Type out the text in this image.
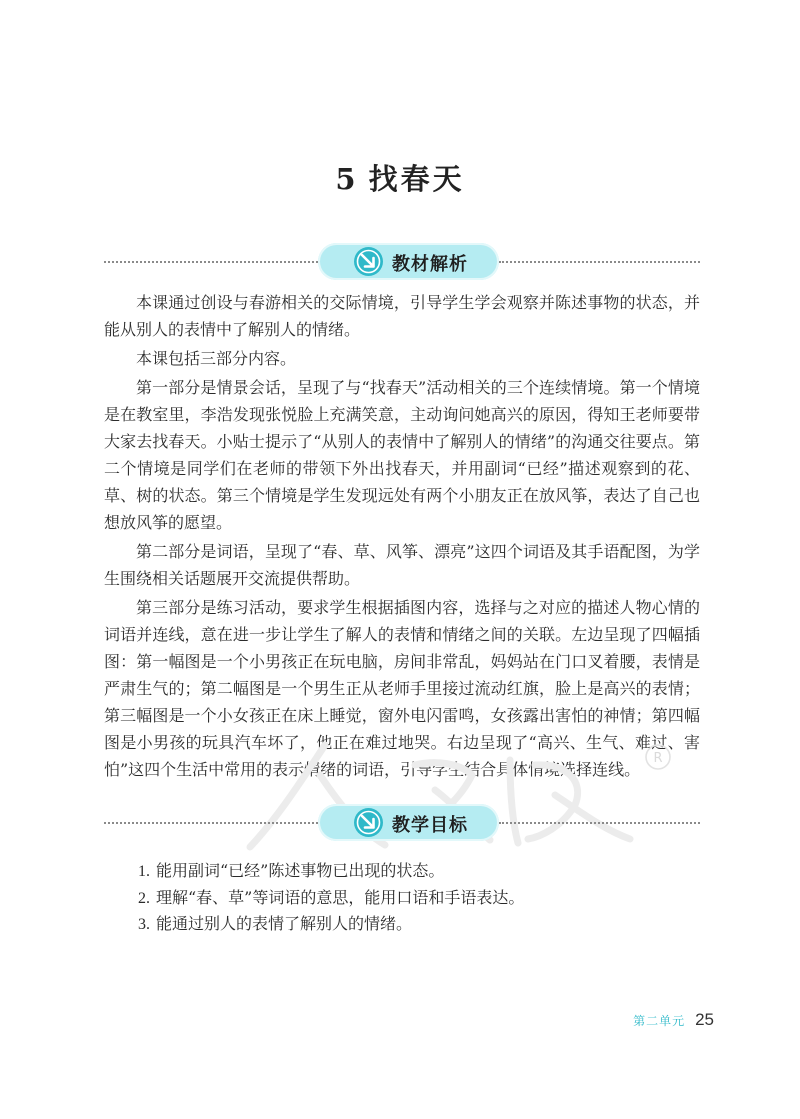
5 找春天
教材解析

本课通过创设与春游相关的交际情境，引导学生学会观察并陈述事物的状态，并能从别人的表情中了解别人的情绪。

本课包括三部分内容。

第一部分是情景会话，呈现了与“找春天”活动相关的三个连续情境。第一个情境是在教室里，李浩发现张悦脸上充满笑意，主动询问她高兴的原因，得知王老师要带大家去找春天。小贴士提示了“从别人的表情中了解别人的情绪”的沟通交往要点。第二个情境是同学们在老师的带领下外出找春天，并用副词“已经”描述观察到的花、草、树的状态。第三个情境是学生发现远处有两个小朋友正在放风筝，表达了自己也想放风筝的愿望。

第二部分是词语，呈现了“春、草、风筝、漂亮”这四个词语及其手语配图，为学生围绕相关话题展开交流提供帮助。

第三部分是练习活动，要求学生根据插图内容，选择与之对应的描述人物心情的词语并连线，意在进一步让学生了解人的表情和情绪之间的关联。左边呈现了四幅插图：第一幅图是一个小男孩正在玩电脑，房间非常乱，妈妈站在门口叉着腰，表情是严肃生气的；第二幅图是一个男生正从老师手里接过流动红旗，脸上是高兴的表情；第三幅图是一个小女孩正在床上睡觉，窗外电闪雷鸣，女孩露出害怕的神情；第四幅图是小男孩的玩具汽车坏了，他正在难过地哭。右边呈现了“高兴、生气、难过、害怕”这四个生活中常用的表示情绪的词语，引导学生结合具体情境选择连线。

R
教学目标
1. 能用副词“已经”陈述事物已出现的状态。
2. 理解“春、草”等词语的意思，能用口语和手语表达。
3. 能通过别人的表情了解别人的情绪。
第二单元 25
